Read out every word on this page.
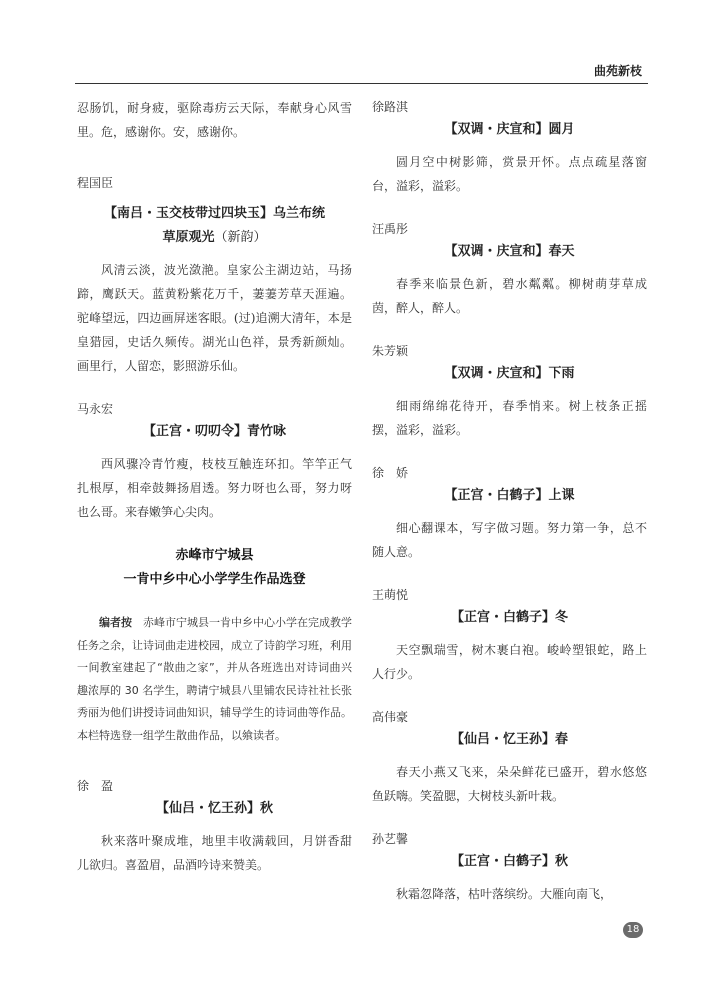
曲苑新枝

忍肠饥，耐身疲，驱除毒疠云天际，奉献身心风雪里。危，感谢你。安，感谢你。

程国臣

【南吕・玉交枝带过四块玉】乌兰布统
草原观光（新韵）

风清云淡，波光潋滟。皇家公主湖边站，马扬蹄，鹰跃天。蓝黄粉紫花万千，萋萋芳草天涯遍。驼峰望远，四边画屏迷客眼。(过)追溯大清年，本是皇猎园，史话久频传。湖光山色祥，景秀新颜灿。画里行，人留恋，影照游乐仙。

马永宏

【正宫・叨叨令】青竹咏

西风骤冷青竹瘦，枝枝互触连环扣。竿竿正气扎根厚，相牵鼓舞扬眉透。努力呀也么哥，努力呀也么哥。来春嫩笋心尖肉。

赤峰市宁城县

一肯中乡中心小学学生作品选登

编者按　 赤峰市宁城县一肯中乡中心小学在完成教学任务之余，让诗词曲走进校园，成立了诗韵学习班，利用一间教室建起了“散曲之家”，并从各班选出对诗词曲兴趣浓厚的 30 名学生，聘请宁城县八里铺农民诗社社长张秀丽为他们讲授诗词曲知识，辅导学生的诗词曲等作品。本栏特选登一组学生散曲作品，以飨读者。

徐　盈

【仙吕・忆王孙】秋

秋来落叶聚成堆，地里丰收满载回，月饼香甜儿欲归。喜盈眉，品酒吟诗来赞美。

徐路淇

【双调・庆宣和】圆月

圆月空中树影筛，赏景开怀。点点疏星落窗台，溢彩，溢彩。

汪禹彤

【双调・庆宣和】春天

春季来临景色新，碧水粼粼。柳树萌芽草成茵，醉人，醉人。

朱芳颖

【双调・庆宣和】下雨

细雨绵绵花待开，春季悄来。树上枝条正摇摆，溢彩，溢彩。

徐　娇

【正宫・白鹤子】上课

细心翻课本，写字做习题。努力第一争，总不随人意。

王萌悦

【正宫・白鹤子】冬

天空飘瑞雪，树木裹白袍。峻岭塑银蛇，路上人行少。

高伟豪

【仙吕・忆王孙】春

春天小燕又飞来，朵朵鲜花已盛开，碧水悠悠鱼跃嗨。笑盈腮，大树枝头新叶栽。

孙艺馨

【正宫・白鹤子】秋

秋霜忽降落，枯叶落缤纷。大雁向南飞，

18
